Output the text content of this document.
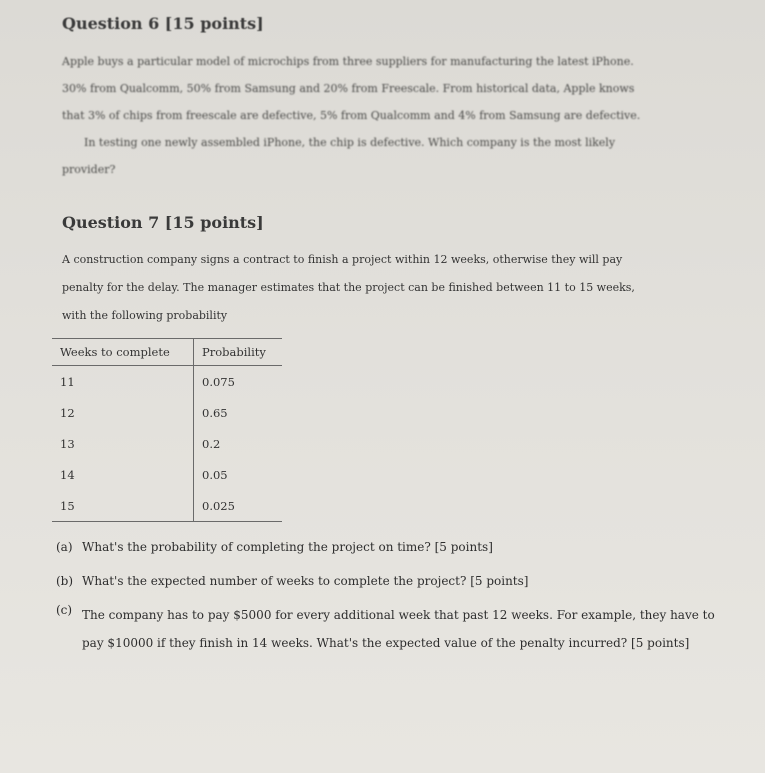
Question 6 [15 points]
Apple buys a particular model of microchips from three suppliers for manufacturing the latest iPhone.
30% from Qualcomm, 50% from Samsung and 20% from Freescale. From historical data, Apple knows
that 3% of chips from freescale are defective, 5% from Qualcomm and 4% from Samsung are defective.
In testing one newly assembled iPhone, the chip is defective. Which company is the most likely
provider?
Question 7 [15 points]
A construction company signs a contract to finish a project within 12 weeks, otherwise they will pay
penalty for the delay. The manager estimates that the project can be finished between 11 to 15 weeks,
with the following probability
Weeks to complete	Probability
11	0.075
12	0.65
13	0.2
14	0.05
15	0.025
(a) What's the probability of completing the project on time? [5 points]
(b) What's the expected number of weeks to complete the project? [5 points]
(c) The company has to pay $5000 for every additional week that past 12 weeks. For example, they have to pay $10000 if they finish in 14 weeks. What's the expected value of the penalty incurred? [5 points]
